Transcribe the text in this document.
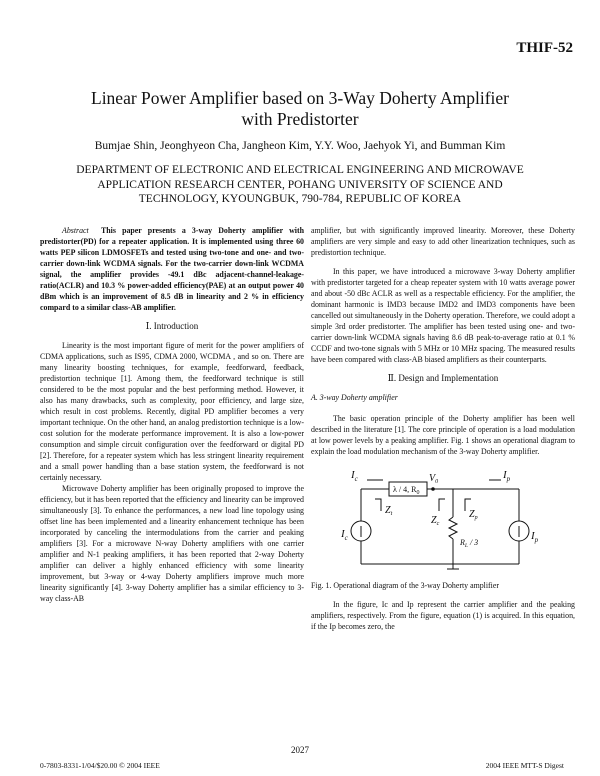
THIF-52
Linear Power Amplifier based on 3-Way Doherty Amplifier
with Predistorter
Bumjae Shin, Jeonghyeon Cha, Jangheon Kim, Y.Y. Woo, Jaehyok Yi, and Bumman Kim
DEPARTMENT OF ELECTRONIC AND ELECTRICAL ENGINEERING AND MICROWAVE
APPLICATION RESEARCH CENTER, POHANG UNIVERSITY OF SCIENCE AND
TECHNOLOGY, KYOUNGBUK, 790-784, REPUBLIC OF KOREA

Abstract This paper presents a 3-way Doherty amplifier with predistorter(PD) for a repeater application. It is implemented using three 60 watts PEP silicon LDMOSFETs and tested using two-tone and one- and two-carrier down-link WCDMA signals. For the two-carrier down-link WCDMA signal, the amplifier provides -49.1 dBc adjacent-channel-leakage-ratio(ACLR) and 10.3 % power-added efficiency(PAE) at an output power 40 dBm which is an improvement of 8.5 dB in linearity and 2 % in efficiency compard to a similar class-AB amplifier.

Ⅰ. Introduction

Linearity is the most important figure of merit for the power amplifiers of CDMA applications, such as IS95, CDMA 2000, WCDMA , and so on. There are many linearity boosting techniques, for example, feedforward, feedback, predistortion technique [1]. Among them, the feedforward technique is still considered to be the most popular and the best performing method. However, it also has many drawbacks, such as complexity, poor efficiency, and large size, which result in cost problems. Recently, digital PD amplifier becomes a very important technique. On the other hand, an analog predistortion technique is a low-cost solution for the moderate performance improvement. It is also a low-power consumption and simple circuit configuration over the feedforward or digital PD [2]. Therefore, for a repeater system which has less stringent linearity requirement and a small power handling than a base station system, the feedforward is not certainly necessary.

Microwave Doherty amplifier has been originally proposed to improve the efficiency, but it has been reported that the efficiency and linearity can be improved simultaneously [3]. To enhance the performances, a new load line topology using offset line has been implemented and a linearity enhancement technique has been incorporated by canceling the intermodulations from the carrier and peaking amplifiers [3]. For a microwave N-way Doherty amplifiers with one carrier amplifier and N-1 peaking amplifiers, it has been reported that 2-way Doherty amplifier can deliver a highly enhanced efficiency with some linearity improvement, but 3-way or 4-way Doherty amplifiers improve much more linearity significantly [4]. 3-way Doherty amplifier has a similar efficiency to 3-way class-AB

amplifier, but with significantly improved linearity. Moreover, these Doherty amplifiers are very simple and easy to add other linearization techniques, such as predistortion technique.

In this paper, we have introduced a microwave 3-way Doherty amplifier with predistorter targeted for a cheap repeater system with 10 watts average power and about -50 dBc ACLR as well as a respectable efficiency. For the amplifier, the dominant harmonic is IMD3 because IMD2 and IMD3 components have been cancelled out simultaneously in the Doherty operation. Therefore, we could adopt a simple 3rd order predistorter. The amplifier has been tested using one- and two-carrier down-link WCDMA signals having 8.6 dB peak-to-average ratio at 0.1 % CCDF and two-tone signals with 5 MHz or 10 MHz spacing. The measured results have been compared with class-AB biased amplifiers as their counterparts.

Ⅱ. Design and Implementation

A. 3-way Doherty amplifier

The basic operation principle of the Doherty amplifier has been well described in the literature [1]. The core principle of operation is a load modulation at low power levels by a peaking amplifier. Fig. 1 shows an operational diagram to explain the load modulation mechanism of the 3-way Doherty amplifier.

$I_c$
λ / 4, $R_0$
$V_0$
$I_p$
$Z_t$
$Z_c$
$Z_p$
$R_L / 3$
$I_c$	$I_p$

Fig. 1. Operational diagram of the 3-way Doherty amplifier

In the figure, Ic and Ip represent the carrier amplifier and the peaking amplifiers, respectively. From the figure, equation (1) is acquired. In this equation, if the Ip becomes zero, the

2027
0-7803-8331-1/04/$20.00 © 2004 IEEE	2004 IEEE MTT-S Digest
